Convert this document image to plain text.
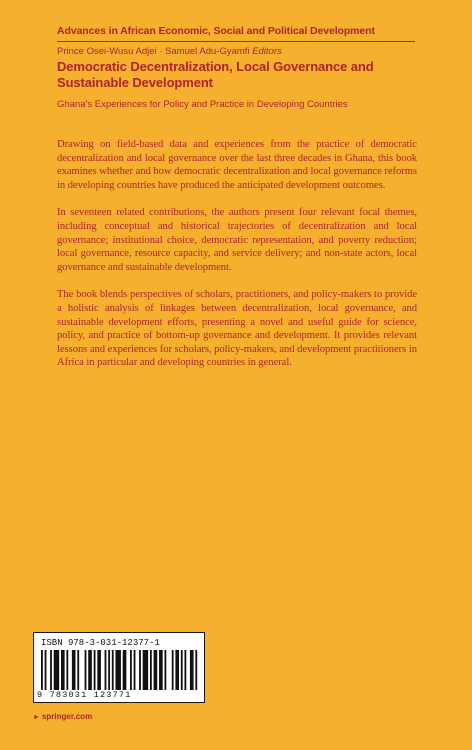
Advances in African Economic, Social and Political Development
Prince Osei-Wusu Adjei · Samuel Adu-Gyamfi Editors
Democratic Decentralization, Local Governance and Sustainable Development
Ghana's Experiences for Policy and Practice in Developing Countries

Drawing on field-based data and experiences from the practice of democratic decentralization and local governance over the last three decades in Ghana, this book examines whether and how democratic decentralization and local governance reforms in developing countries have produced the anticipated development outcomes.

In seventeen related contributions, the authors present four relevant focal themes, including conceptual and historical trajectories of decentralization and local governance; institutional choice, democratic representation, and poverty reduction; local governance, resource capacity, and service delivery; and non-state actors, local governance and sustainable development.

The book blends perspectives of scholars, practitioners, and policy-makers to provide a holistic analysis of linkages between decentralization, local governance, and sustainable development efforts, presenting a novel and useful guide for science, policy, and practice of bottom-up governance and development. It provides relevant lessons and experiences for scholars, policy-makers, and development practitioners in Africa in particular and developing countries in general.

ISBN 978-3-031-12377-1
9 783031 123771
► springer.com
